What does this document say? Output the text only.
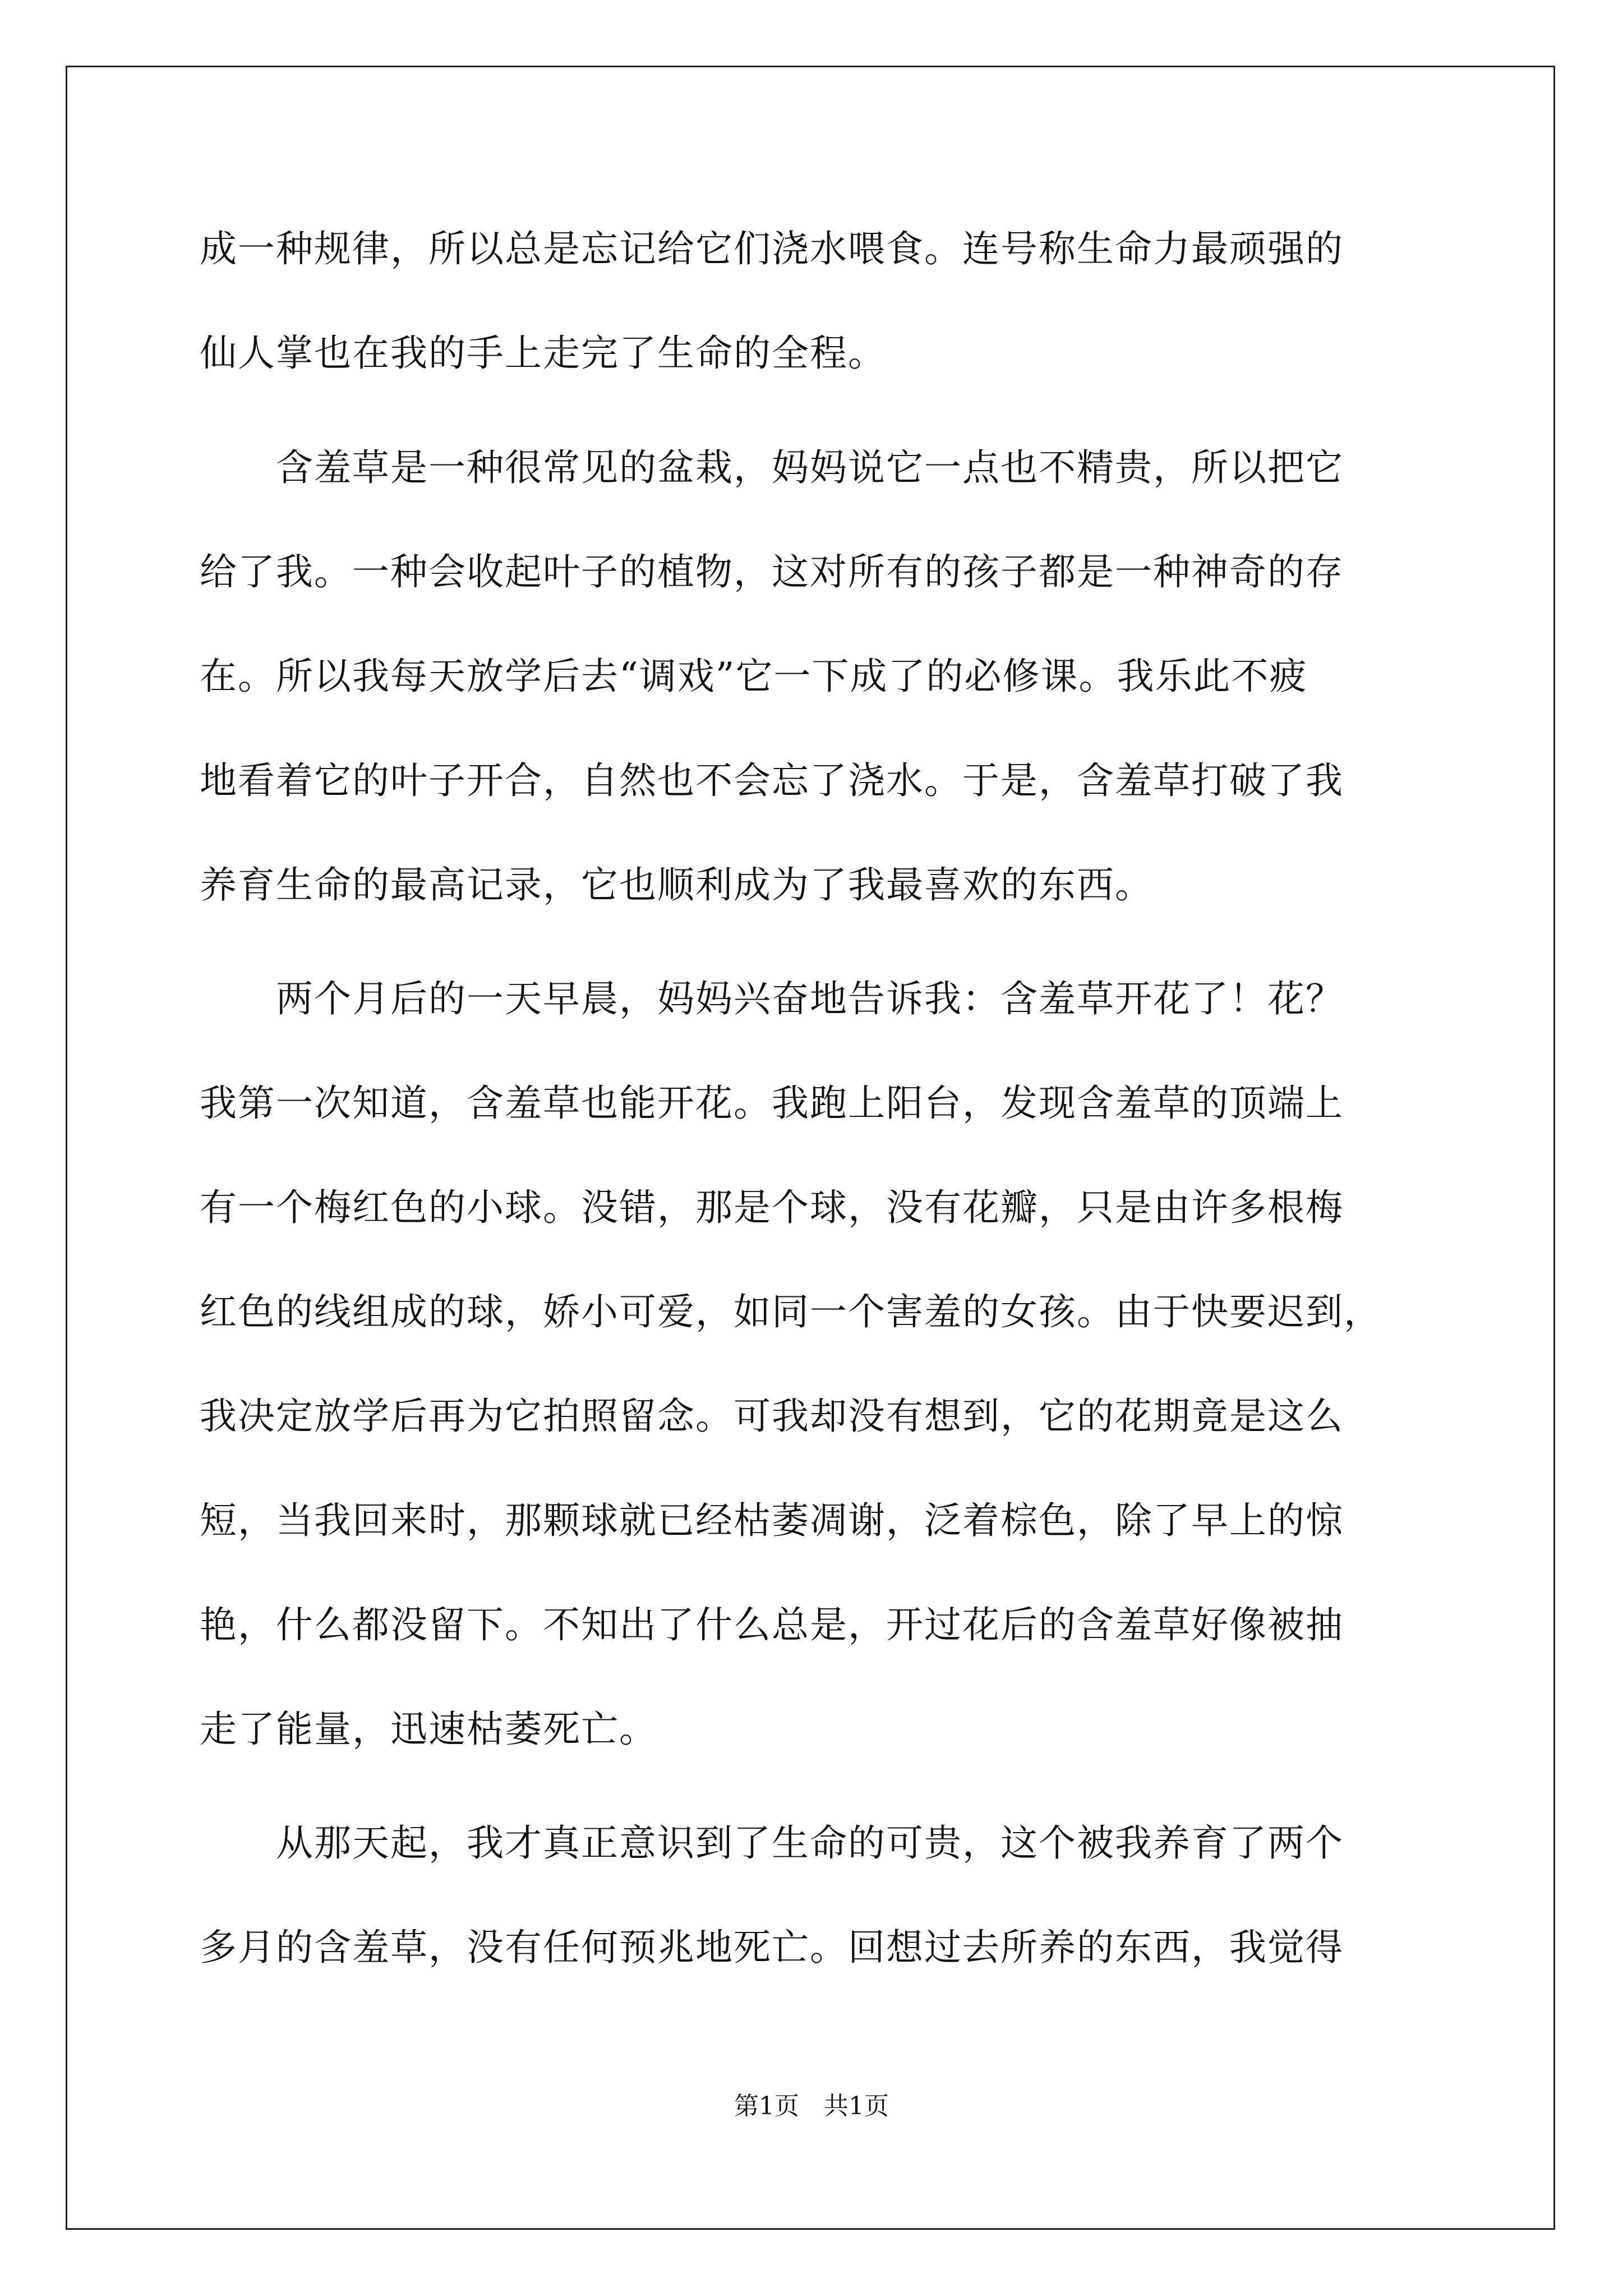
成一种规律，所以总是忘记给它们浇水喂食。连号称生命力最顽强的
仙人掌也在我的手上走完了生命的全程。
　　含羞草是一种很常见的盆栽，妈妈说它一点也不精贵，所以把它
给了我。一种会收起叶子的植物，这对所有的孩子都是一种神奇的存
在。所以我每天放学后去“调戏”它一下成了的必修课。我乐此不疲
地看着它的叶子开合，自然也不会忘了浇水。于是，含羞草打破了我
养育生命的最高记录，它也顺利成为了我最喜欢的东西。
　　两个月后的一天早晨，妈妈兴奋地告诉我：含羞草开花了！花？
我第一次知道，含羞草也能开花。我跑上阳台，发现含羞草的顶端上
有一个梅红色的小球。没错，那是个球，没有花瓣，只是由许多根梅
红色的线组成的球，娇小可爱，如同一个害羞的女孩。由于快要迟到，
我决定放学后再为它拍照留念。可我却没有想到，它的花期竟是这么
短，当我回来时，那颗球就已经枯萎凋谢，泛着棕色，除了早上的惊
艳，什么都没留下。不知出了什么总是，开过花后的含羞草好像被抽
走了能量，迅速枯萎死亡。
　　从那天起，我才真正意识到了生命的可贵，这个被我养育了两个
多月的含羞草，没有任何预兆地死亡。回想过去所养的东西，我觉得
第1页　共1页
